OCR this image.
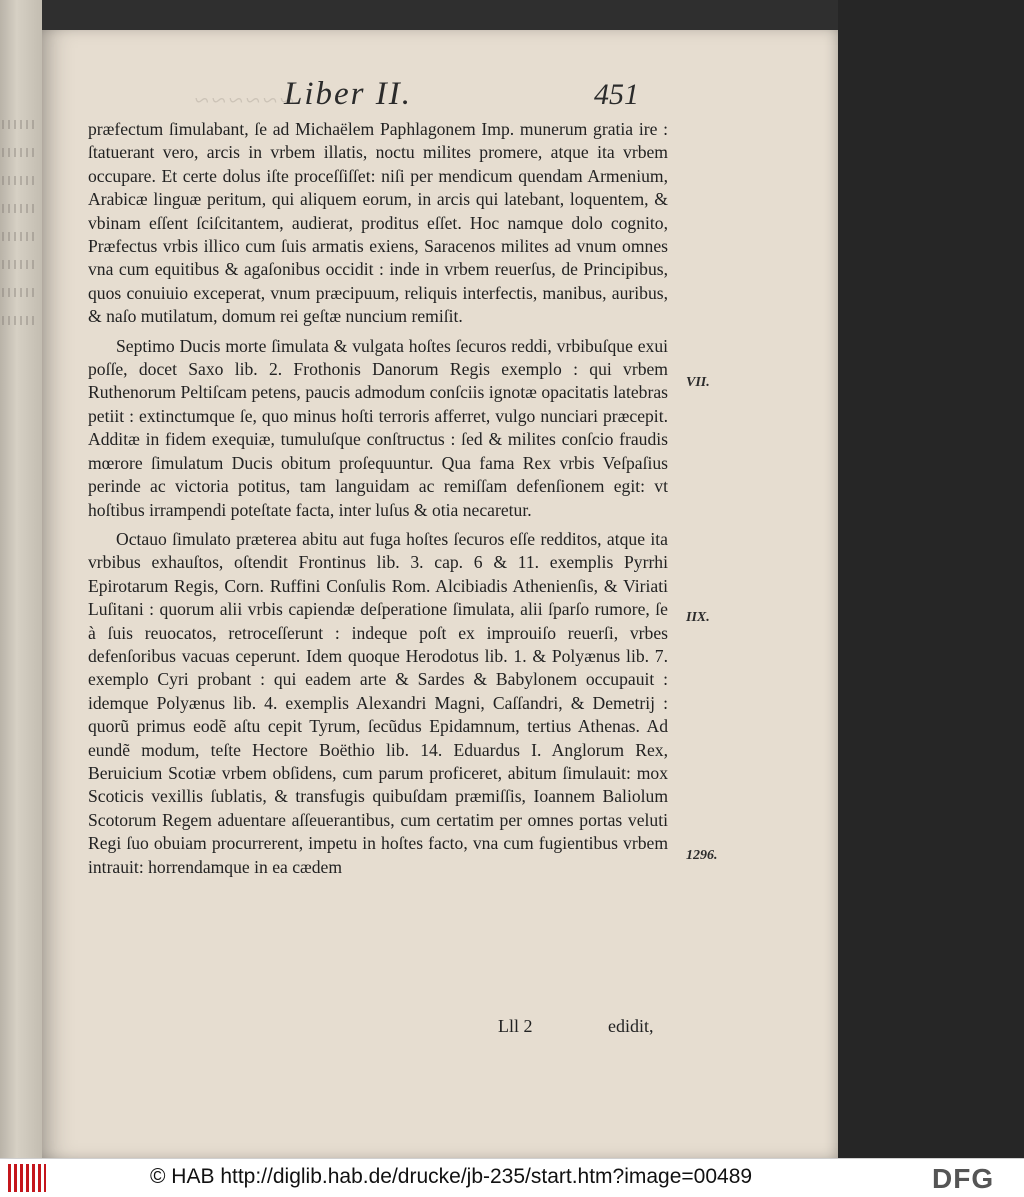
~~~~~~
Liber II.	451

præfectum ſimulabant, ſe ad Michaëlem Paphlagonem Imp. munerum gratia ire : ſtatuerant vero, arcis in vrbem illatis, noctu milites promere, atque ita vrbem occupare. Et certe dolus iſte proceſſiſſet: niſi per mendicum quendam Armenium, Arabicæ linguæ peritum, qui aliquem eorum, in arcis qui latebant, loquentem, & vbinam eſſent ſciſcitantem, audierat, proditus eſſet. Hoc namque dolo cognito, Præfectus vrbis illico cum ſuis armatis exiens, Saracenos milites ad vnum omnes vna cum equitibus & agaſonibus occidit : inde in vrbem reuerſus, de Principibus, quos conuiuio exceperat, vnum præcipuum, reliquis interfectis, manibus, auribus, & naſo mutilatum, domum rei geſtæ nuncium remiſit.

Septimo Ducis morte ſimulata & vulgata hoſtes ſecuros reddi, vrbibuſque exui poſſe, docet Saxo lib. 2. Frothonis Danorum Regis exemplo : qui vrbem Ruthenorum Peltiſcam petens, paucis admodum conſciis ignotæ opacitatis latebras petiit : extinctumque ſe, quo minus hoſti terroris afferret, vulgo nunciari præcepit. Additæ in fidem exequiæ, tumuluſque conſtructus : ſed & milites conſcio fraudis mœrore ſimulatum Ducis obitum proſequuntur. Qua fama Rex vrbis Veſpaſius perinde ac victoria potitus, tam languidam ac remiſſam defenſionem egit: vt hoſtibus irrampendi poteſtate facta, inter luſus & otia necaretur.

Octauo ſimulato præterea abitu aut fuga hoſtes ſecuros eſſe redditos, atque ita vrbibus exhauſtos, oſtendit Frontinus lib. 3. cap. 6 & 11. exemplis Pyrrhi Epirotarum Regis, Corn. Ruffini Conſulis Rom. Alcibiadis Athenienſis, & Viriati Luſitani : quorum alii vrbis capiendæ deſperatione ſimulata, alii ſparſo rumore, ſe à ſuis reuocatos, retroceſſerunt : indeque poſt ex improuiſo reuerſi, vrbes defenſoribus vacuas ceperunt. Idem quoque Herodotus lib. 1. & Polyænus lib. 7. exemplo Cyri probant : qui eadem arte & Sardes & Babylonem occupauit : idemque Polyænus lib. 4. exemplis Alexandri Magni, Caſſandri, & Demetrij : quorũ primus eodẽ aſtu cepit Tyrum, ſecũdus Epidamnum, tertius Athenas. Ad eundẽ modum, teſte Hectore Boëthio lib. 14. Eduardus I. Anglorum Rex, Beruicium Scotiæ vrbem obſidens, cum parum proficeret, abitum ſimulauit: mox Scoticis vexillis ſublatis, & transfugis quibuſdam præmiſſis, Ioannem Baliolum Scotorum Regem aduentare aſſeuerantibus, cum certatim per omnes portas veluti Regi ſuo obuiam procurrerent, impetu in hoſtes facto, vna cum fugientibus vrbem intrauit: horrendamque in ea cædem

VII.
IIX.
1296.
Lll 2	edidit,
© HAB http://diglib.hab.de/drucke/jb-235/start.htm?image=00489	DFG
